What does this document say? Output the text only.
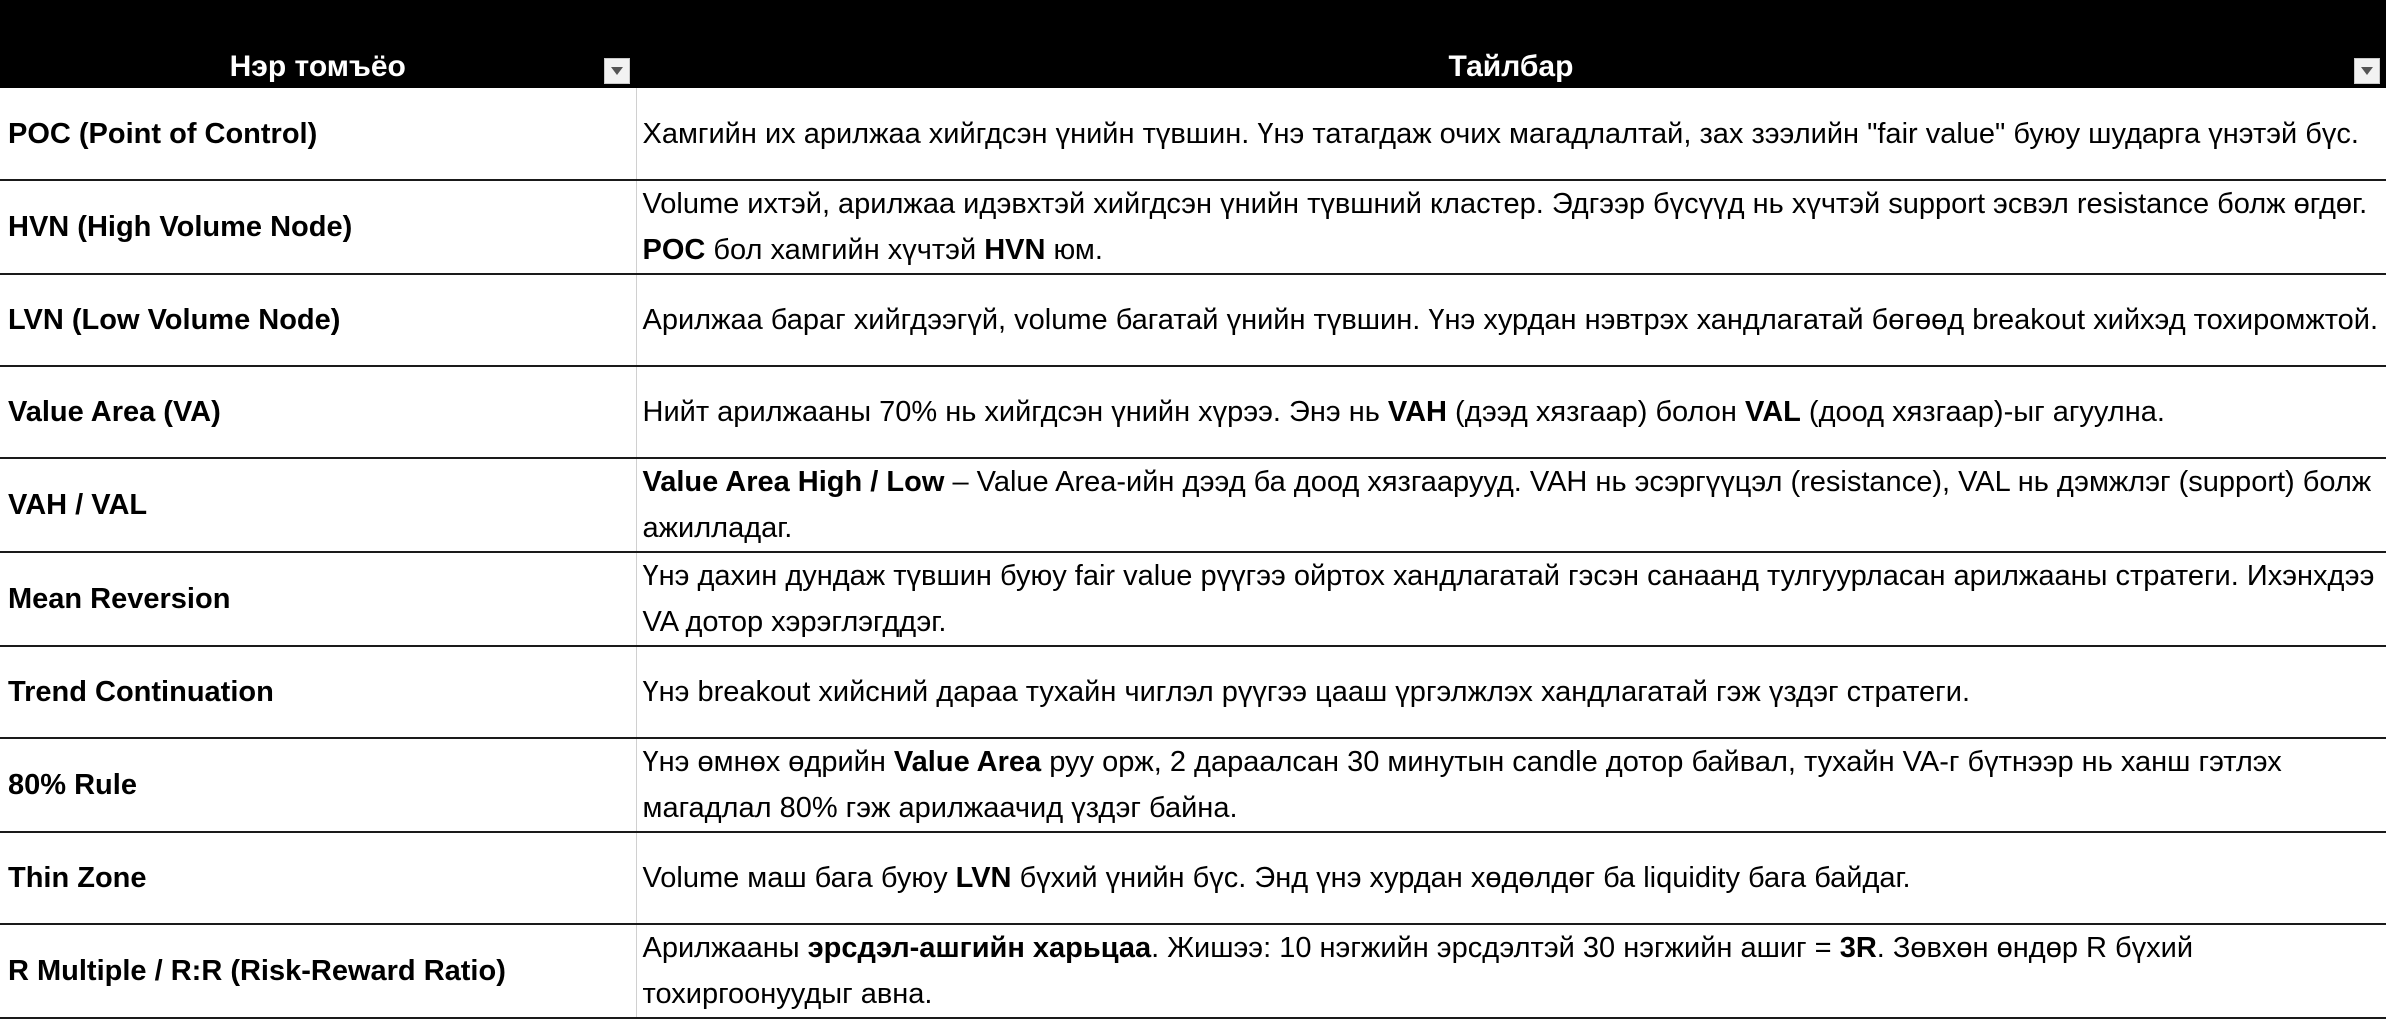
Нэр томъёо	Тайлбар

POC (Point of Control)	Хамгийн их арилжаа хийгдсэн үнийн түвшин. Үнэ татагдаж очих магадлалтай, зах зээлийн "fair value" буюу шударга үнэтэй бүс.
HVN (High Volume Node)	Volume ихтэй, арилжаа идэвхтэй хийгдсэн үнийн түвшний кластер. Эдгээр бүсүүд нь хүчтэй support эсвэл resistance болж өгдөг. POC бол хамгийн хүчтэй HVN юм.
LVN (Low Volume Node)	Арилжаа бараг хийгдээгүй, volume багатай үнийн түвшин. Үнэ хурдан нэвтрэх хандлагатай бөгөөд breakout хийхэд тохиромжтой.
Value Area (VA)	Нийт арилжааны 70% нь хийгдсэн үнийн хүрээ. Энэ нь VAH (дээд хязгаар) болон VAL (доод хязгаар)-ыг агуулна.
VAH / VAL	Value Area High / Low – Value Area-ийн дээд ба доод хязгаарууд. VAH нь эсэргүүцэл (resistance), VAL нь дэмжлэг (support) болж ажилладаг.
Mean Reversion	Үнэ дахин дундаж түвшин буюу fair value рүүгээ ойртох хандлагатай гэсэн санаанд тулгуурласан арилжааны стратеги. Ихэнхдээ VA дотор хэрэглэгддэг.
Trend Continuation	Үнэ breakout хийсний дараа тухайн чиглэл рүүгээ цааш үргэлжлэх хандлагатай гэж үздэг стратеги.
80% Rule	Үнэ өмнөх өдрийн Value Area руу орж, 2 дараалсан 30 минутын candle дотор байвал, тухайн VA-г бүтнээр нь ханш гэтлэх магадлал 80% гэж арилжаачид үздэг байна.
Thin Zone	Volume маш бага буюу LVN бүхий үнийн бүс. Энд үнэ хурдан хөдөлдөг ба liquidity бага байдаг.
R Multiple / R:R (Risk-Reward Ratio)	Арилжааны эрсдэл-ашгийн харьцаа. Жишээ: 10 нэгжийн эрсдэлтэй 30 нэгжийн ашиг = 3R. Зөвхөн өндөр R бүхий тохиргоонуудыг авна.
